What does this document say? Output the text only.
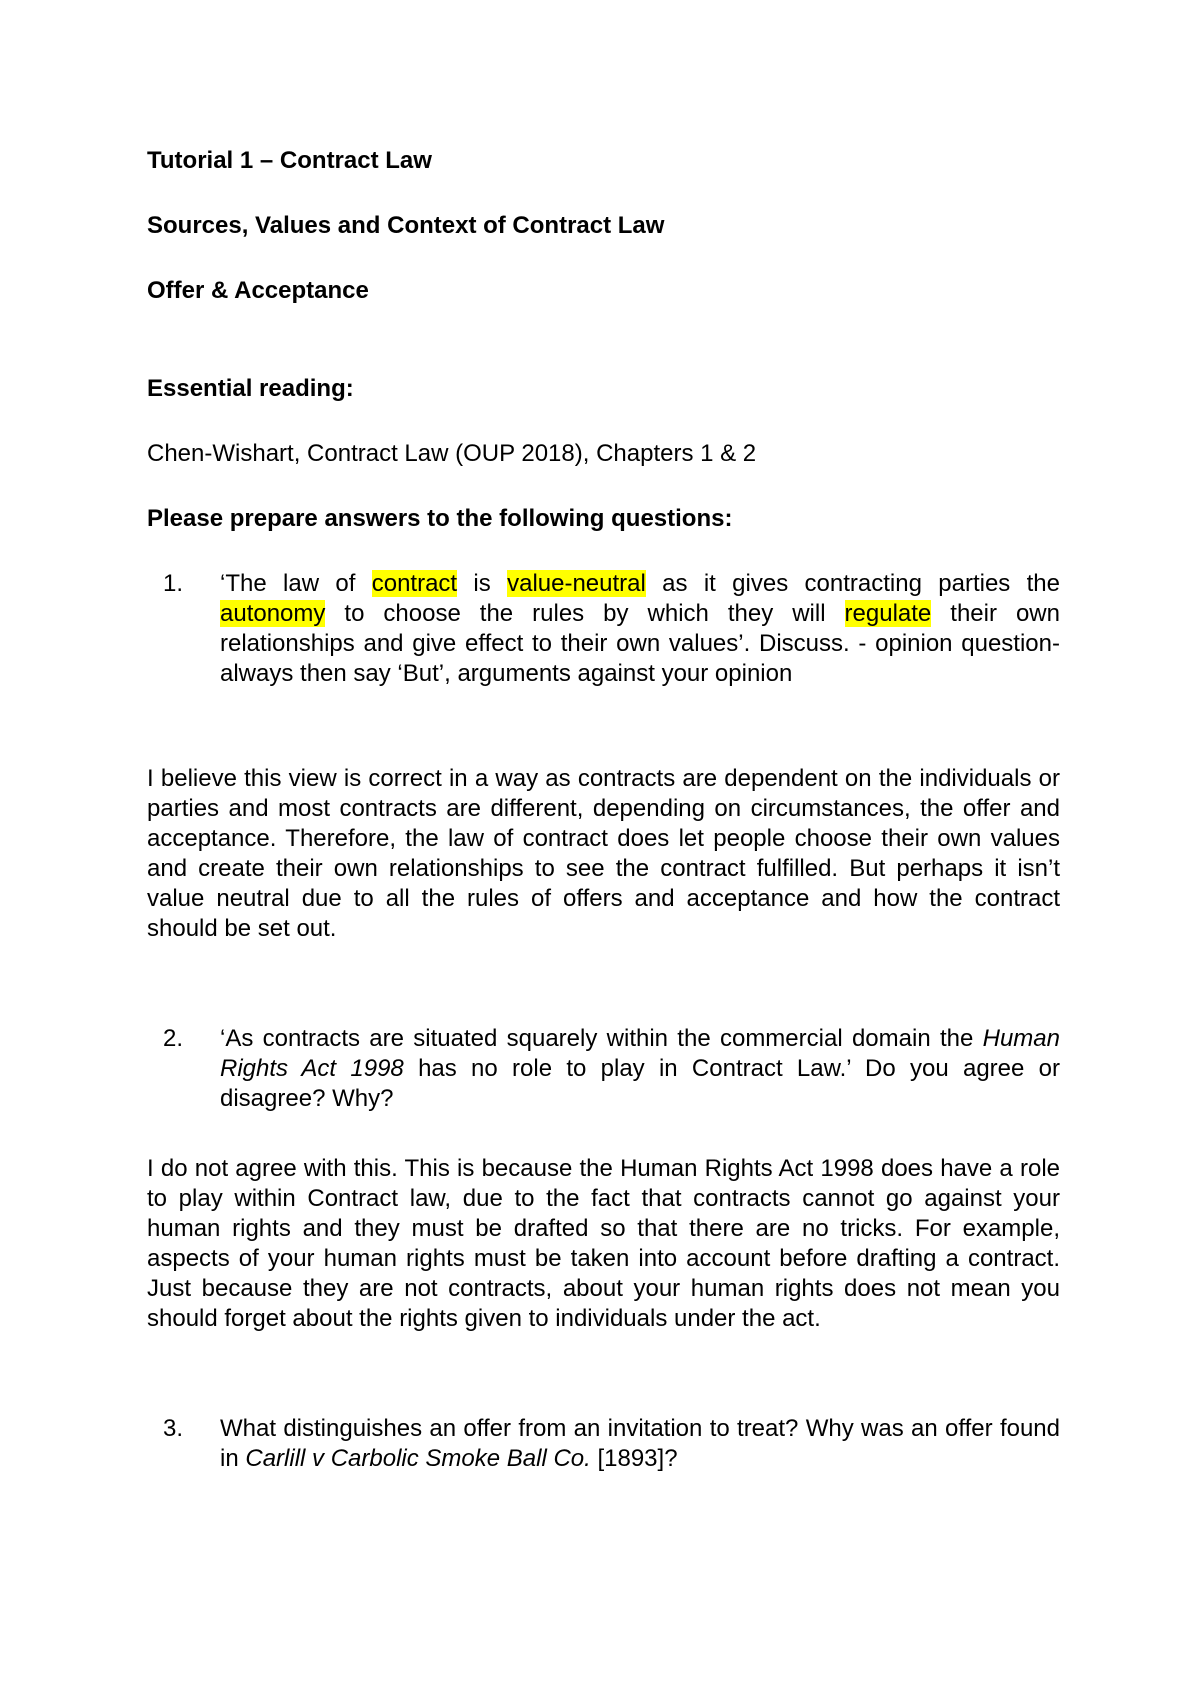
Tutorial 1 – Contract Law

Sources, Values and Context of Contract Law

Offer & Acceptance

Essential reading:

Chen-Wishart, Contract Law (OUP 2018), Chapters 1 & 2

Please prepare answers to the following questions:

1.	‘The law of contract is value-neutral as it gives contracting parties the autonomy to choose the rules by which they will regulate their own relationships and give effect to their own values’. Discuss. - opinion question- always then say ‘But’, arguments against your opinion

I believe this view is correct in a way as contracts are dependent on the individuals or parties and most contracts are different, depending on circumstances, the offer and acceptance. Therefore, the law of contract does let people choose their own values and create their own relationships to see the contract fulfilled. But perhaps it isn’t value neutral due to all the rules of offers and acceptance and how the contract should be set out.

2.	‘As contracts are situated squarely within the commercial domain the Human Rights Act 1998 has no role to play in Contract Law.’ Do you agree or disagree? Why?

I do not agree with this. This is because the Human Rights Act 1998 does have a role to play within Contract law, due to the fact that contracts cannot go against your human rights and they must be drafted so that there are no tricks. For example, aspects of your human rights must be taken into account before drafting a contract. Just because they are not contracts, about your human rights does not mean you should forget about the rights given to individuals under the act.

3.	What distinguishes an offer from an invitation to treat? Why was an offer found in Carlill v Carbolic Smoke Ball Co. [1893]?
